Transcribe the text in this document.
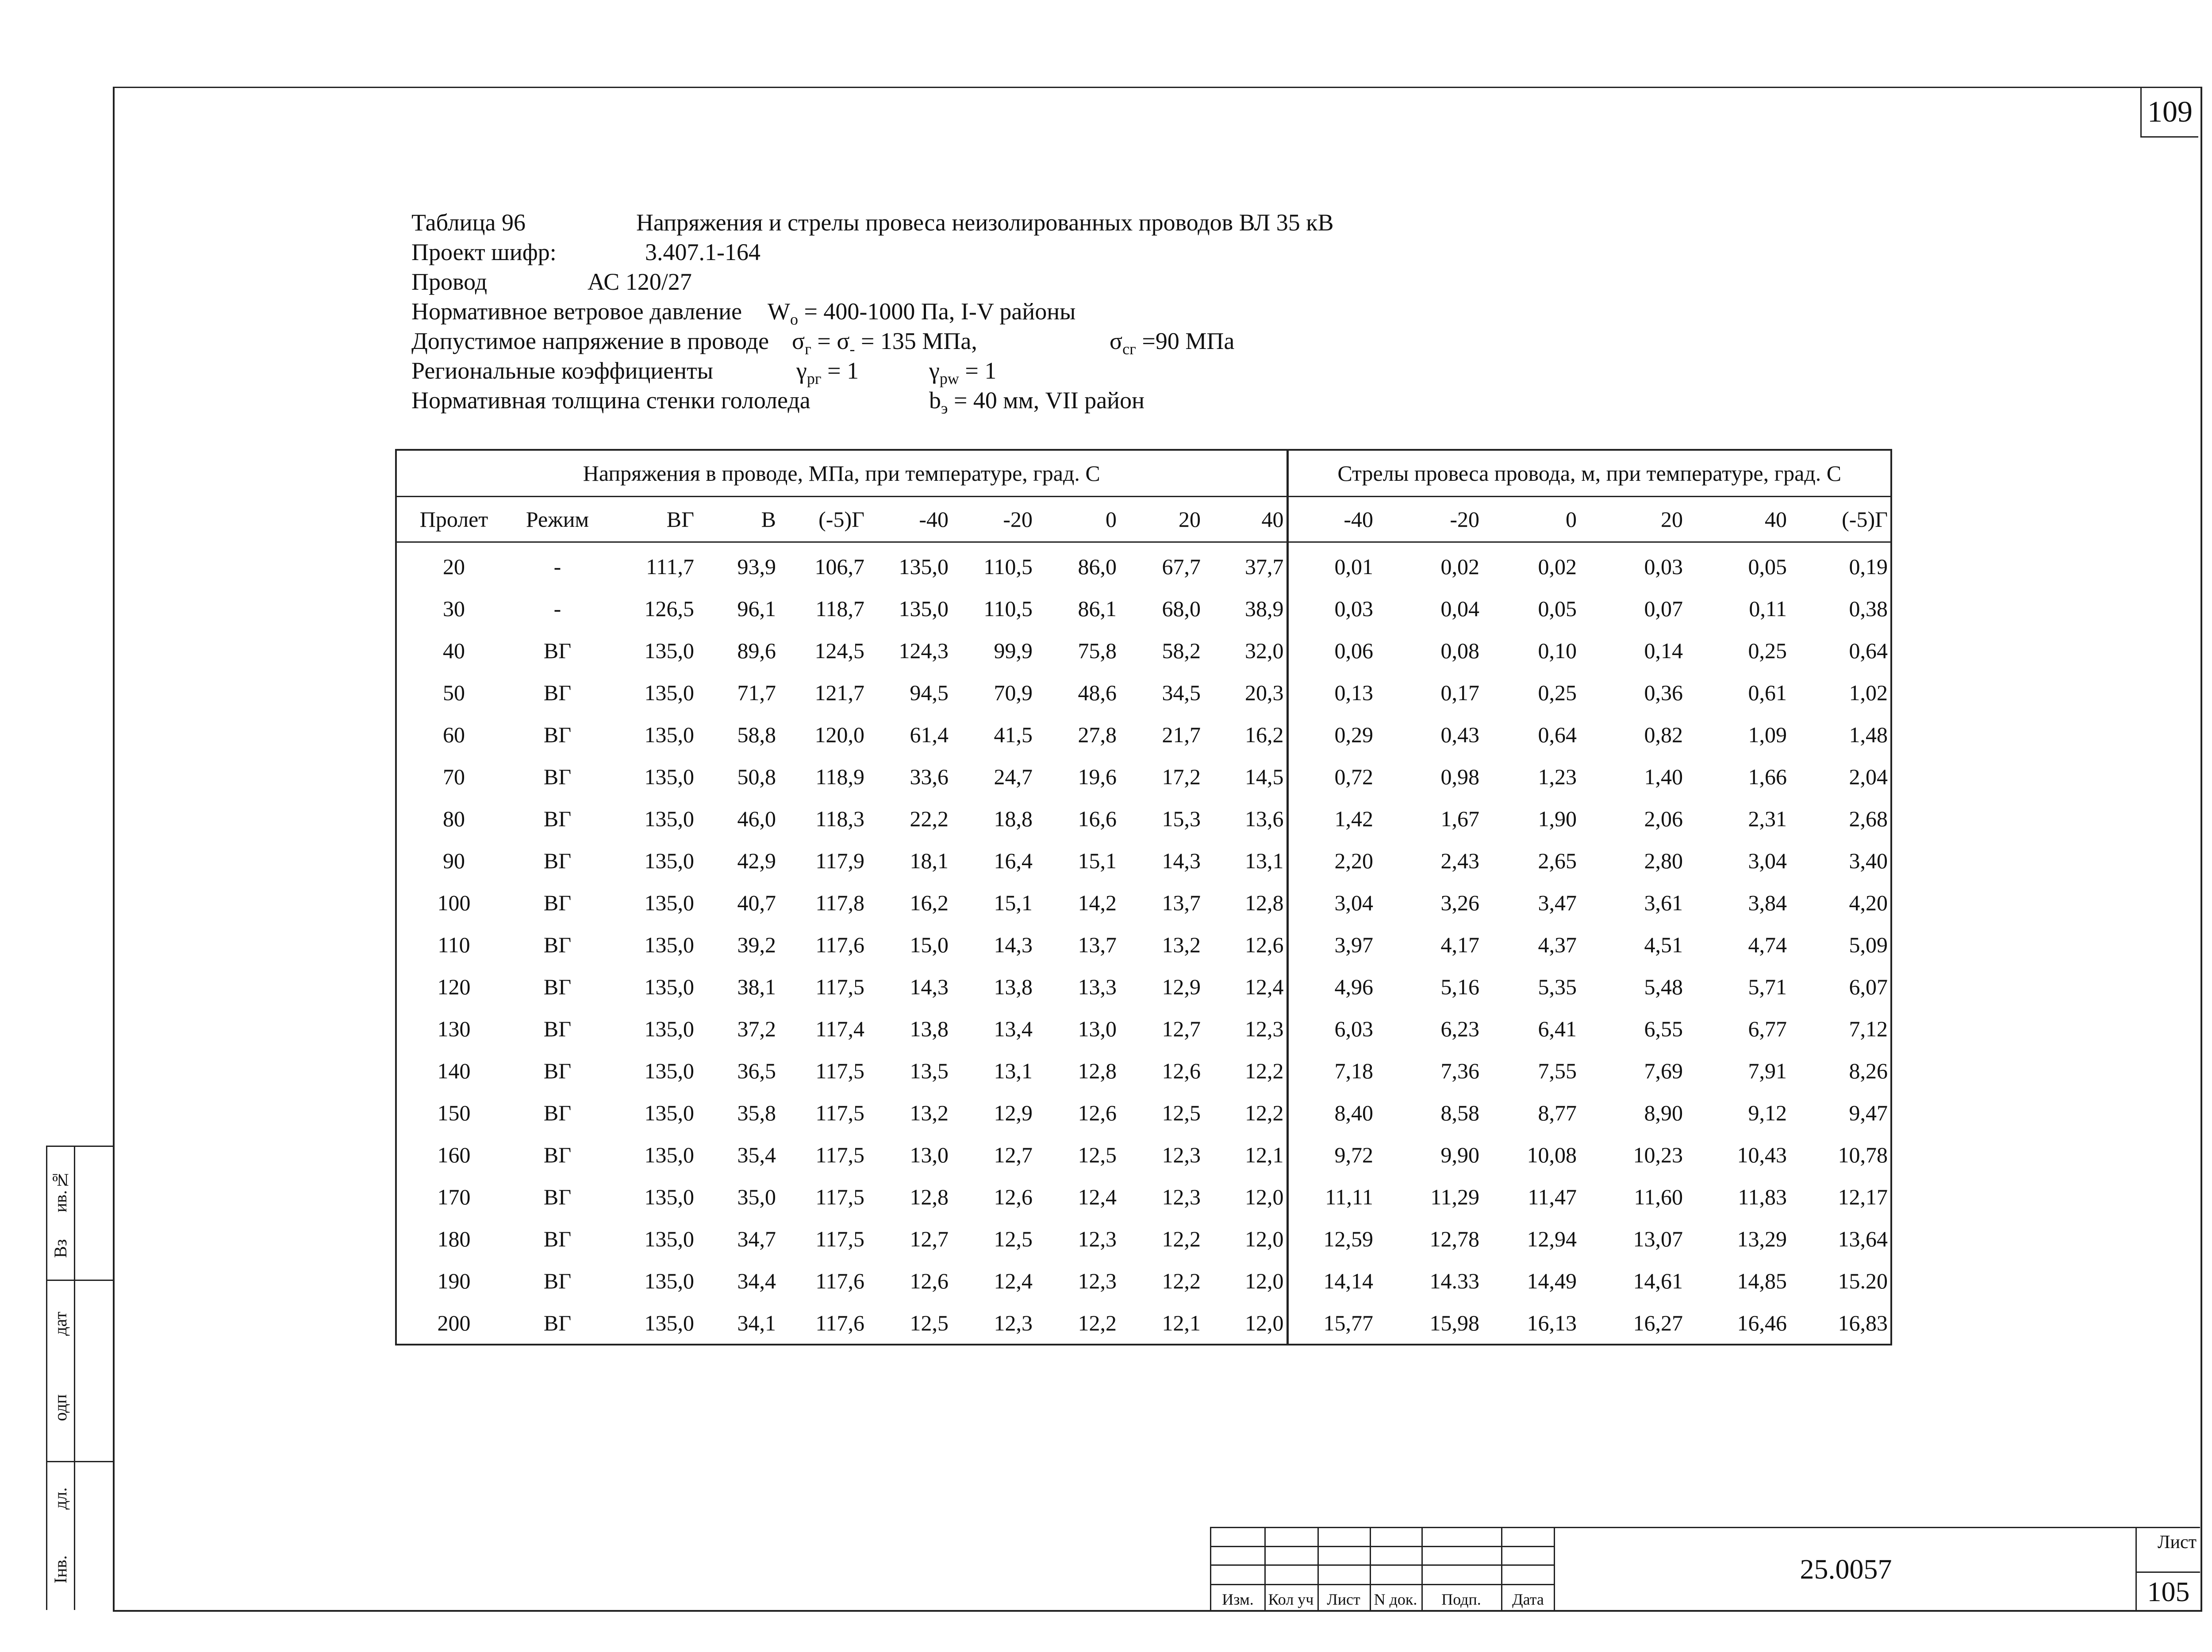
109
Таблица 96	Напряжения и стрелы провеса неизолированных проводов ВЛ 35 кВ
Проект шифр:	3.407.1-164
Провод	АС 120/27
Нормативное ветровое давление $W_o = 400-1000$ Па, I-V районы
Допустимое напряжение в проводе $\sigma_г = \sigma_- = 135$ МПа,	$\sigma_{сг} =90$ МПа
Региональные коэффициенты	$\gamma_{рг} = 1$	$\gamma_{pw} = 1$
Нормативная толщина стенки гололеда	$b_э = 40$ мм, VII район
Напряжения в проводе, МПа, при температуре, град. С										Стрелы провеса провода, м, при температуре, град. С					
Пролет	Режим	ВГ	В	(-5)Г	-40	-20	0	20	40	-40	-20	0	20	40	(-5)Г
20	-	111,7	93,9	106,7	135,0	110,5	86,0	67,7	37,7	0,01	0,02	0,02	0,03	0,05	0,19
30	-	126,5	96,1	118,7	135,0	110,5	86,1	68,0	38,9	0,03	0,04	0,05	0,07	0,11	0,38
40	ВГ	135,0	89,6	124,5	124,3	99,9	75,8	58,2	32,0	0,06	0,08	0,10	0,14	0,25	0,64
50	ВГ	135,0	71,7	121,7	94,5	70,9	48,6	34,5	20,3	0,13	0,17	0,25	0,36	0,61	1,02
60	ВГ	135,0	58,8	120,0	61,4	41,5	27,8	21,7	16,2	0,29	0,43	0,64	0,82	1,09	1,48
70	ВГ	135,0	50,8	118,9	33,6	24,7	19,6	17,2	14,5	0,72	0,98	1,23	1,40	1,66	2,04
80	ВГ	135,0	46,0	118,3	22,2	18,8	16,6	15,3	13,6	1,42	1,67	1,90	2,06	2,31	2,68
90	ВГ	135,0	42,9	117,9	18,1	16,4	15,1	14,3	13,1	2,20	2,43	2,65	2,80	3,04	3,40
100	ВГ	135,0	40,7	117,8	16,2	15,1	14,2	13,7	12,8	3,04	3,26	3,47	3,61	3,84	4,20
110	ВГ	135,0	39,2	117,6	15,0	14,3	13,7	13,2	12,6	3,97	4,17	4,37	4,51	4,74	5,09
120	ВГ	135,0	38,1	117,5	14,3	13,8	13,3	12,9	12,4	4,96	5,16	5,35	5,48	5,71	6,07
130	ВГ	135,0	37,2	117,4	13,8	13,4	13,0	12,7	12,3	6,03	6,23	6,41	6,55	6,77	7,12
140	ВГ	135,0	36,5	117,5	13,5	13,1	12,8	12,6	12,2	7,18	7,36	7,55	7,69	7,91	8,26
150	ВГ	135,0	35,8	117,5	13,2	12,9	12,6	12,5	12,2	8,40	8,58	8,77	8,90	9,12	9,47
160	ВГ	135,0	35,4	117,5	13,0	12,7	12,5	12,3	12,1	9,72	9,90	10,08	10,23	10,43	10,78
170	ВГ	135,0	35,0	117,5	12,8	12,6	12,4	12,3	12,0	11,11	11,29	11,47	11,60	11,83	12,17
180	ВГ	135,0	34,7	117,5	12,7	12,5	12,3	12,2	12,0	12,59	12,78	12,94	13,07	13,29	13,64
190	ВГ	135,0	34,4	117,6	12,6	12,4	12,3	12,2	12,0	14,14	14.33	14,49	14,61	14,85	15.20
200	ВГ	135,0	34,1	117,6	12,5	12,3	12,2	12,1	12,0	15,77	15,98	16,13	16,27	16,46	16,83
ив.№
Вз
дат
одп
дл.
Інв.
Изм. Кол уч Лист N док.	Подп.	Дата
25.0057
Лист
105
